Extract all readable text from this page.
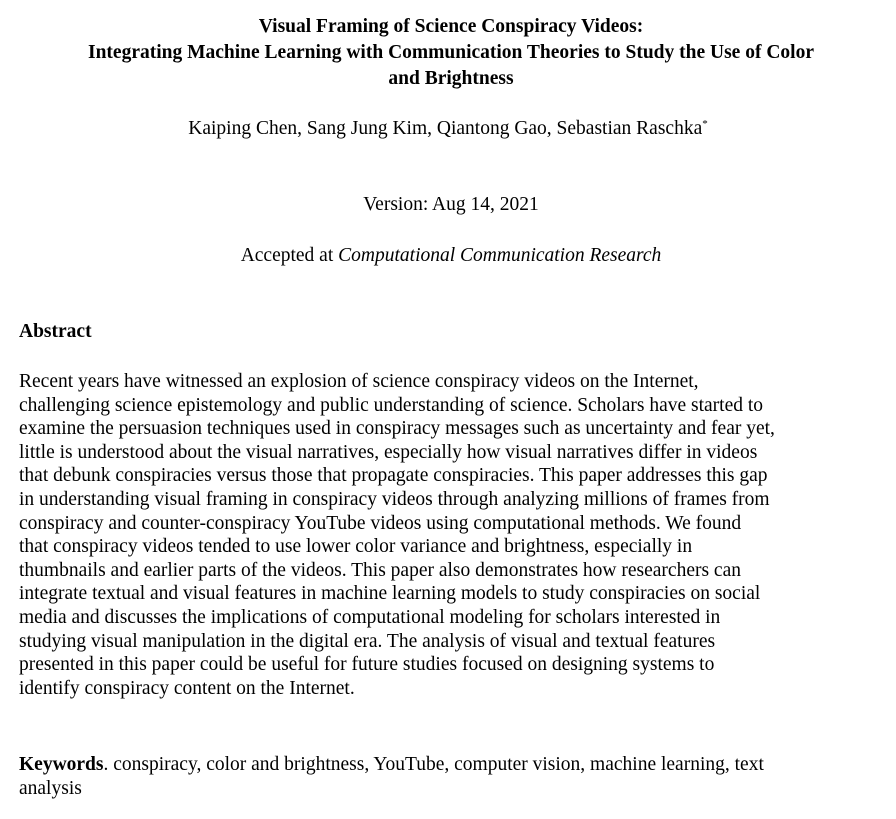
Visual Framing of Science Conspiracy Videos:
Integrating Machine Learning with Communication Theories to Study the Use of Color
and Brightness
Kaiping Chen, Sang Jung Kim, Qiantong Gao, Sebastian Raschka*
Version: Aug 14, 2021
Accepted at Computational Communication Research
Abstract

Recent years have witnessed an explosion of science conspiracy videos on the Internet,
challenging science epistemology and public understanding of science. Scholars have started to
examine the persuasion techniques used in conspiracy messages such as uncertainty and fear yet,
little is understood about the visual narratives, especially how visual narratives differ in videos
that debunk conspiracies versus those that propagate conspiracies. This paper addresses this gap
in understanding visual framing in conspiracy videos through analyzing millions of frames from
conspiracy and counter-conspiracy YouTube videos using computational methods. We found
that conspiracy videos tended to use lower color variance and brightness, especially in
thumbnails and earlier parts of the videos. This paper also demonstrates how researchers can
integrate textual and visual features in machine learning models to study conspiracies on social
media and discusses the implications of computational modeling for scholars interested in
studying visual manipulation in the digital era. The analysis of visual and textual features
presented in this paper could be useful for future studies focused on designing systems to
identify conspiracy content on the Internet.

Keywords. conspiracy, color and brightness, YouTube, computer vision, machine learning, text
analysis
